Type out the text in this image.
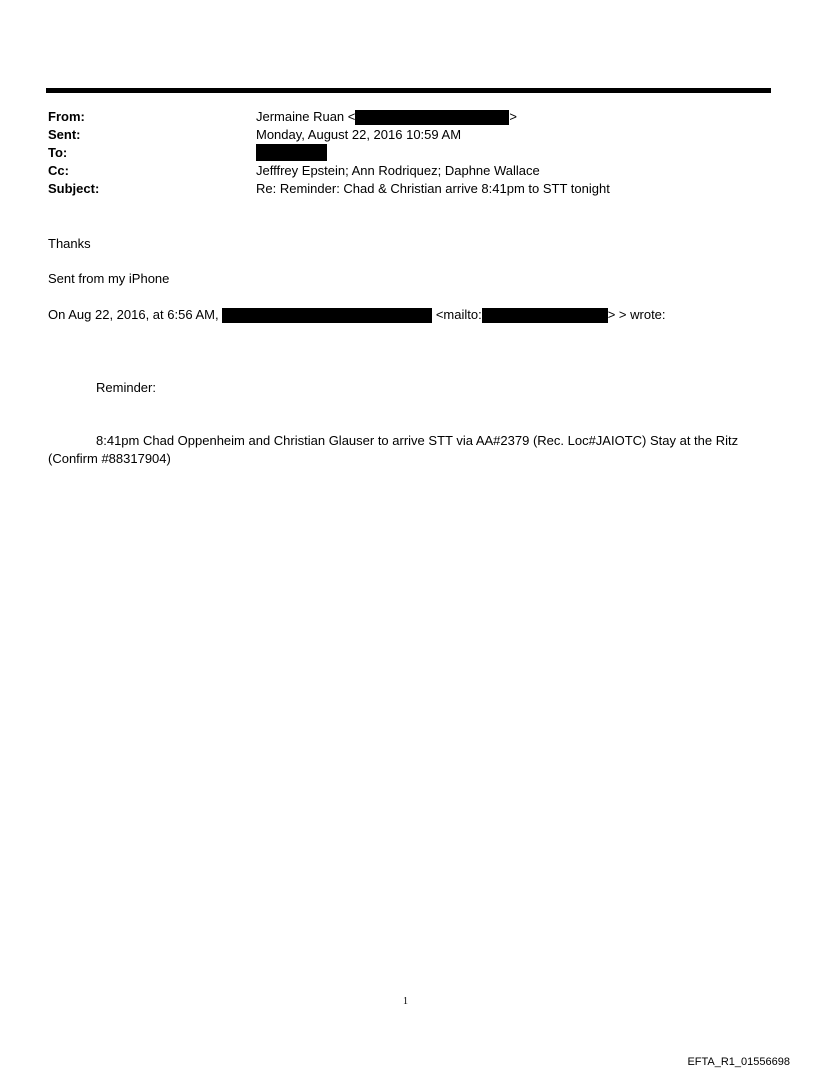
From:	Jermaine Ruan <	>
Sent:	Monday, August 22, 2016 10:59 AM
To:
Cc:	Jefffrey Epstein; Ann Rodriquez; Daphne Wallace
Subject:	Re: Reminder: Chad & Christian arrive 8:41pm to STT tonight
Thanks
Sent from my iPhone
On Aug 22, 2016, at 6:56 AM,	<mailto:	> > wrote:
Reminder:
8:41pm Chad Oppenheim and Christian Glauser to arrive STT via AA#2379 (Rec. Loc#JAIOTC) Stay at the Ritz
(Confirm #88317904)
1
EFTA_R1_01556698
